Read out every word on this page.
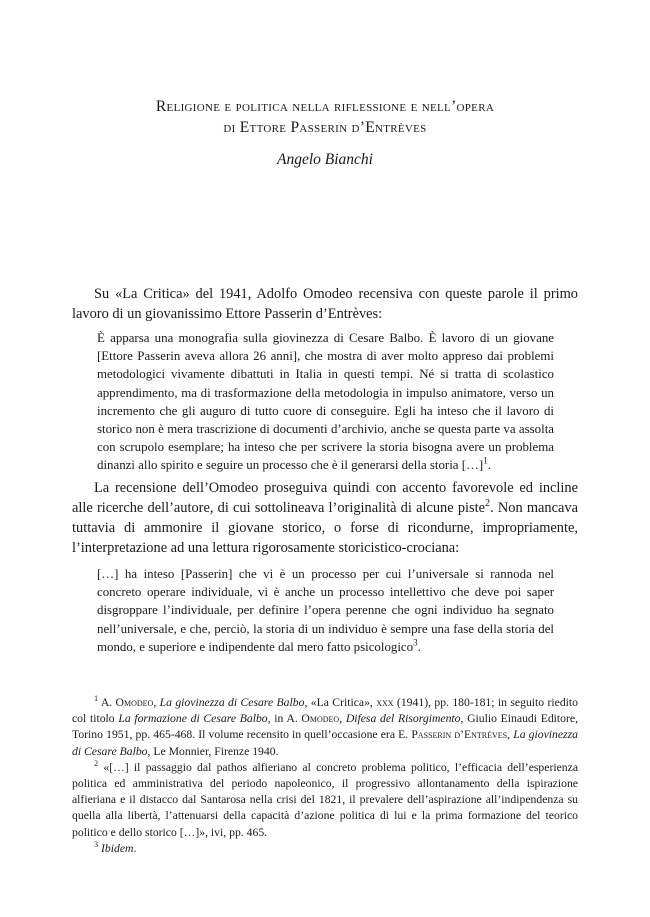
Religione e politica nella riflessione e nell’opera
di Ettore Passerin d’Entrèves
Angelo Bianchi

Su «La Critica» del 1941, Adolfo Omodeo recensiva con queste parole il primo lavoro di un giovanissimo Ettore Passerin d’Entrèves:

È apparsa una monografia sulla giovinezza di Cesare Balbo. È lavoro di un giovane [Ettore Passerin aveva allora 26 anni], che mostra di aver molto appreso dai problemi metodologici vivamente dibattuti in Italia in questi tempi. Né si tratta di scolastico apprendimento, ma di trasformazione della metodologia in impulso animatore, verso un incremento che gli auguro di tutto cuore di conseguire. Egli ha inteso che il lavoro di storico non è mera trascrizione di documenti d’archivio, anche se questa parte va assolta con scrupolo esemplare; ha inteso che per scrivere la storia bisogna avere un problema dinanzi allo spirito e seguire un processo che è il generarsi della storia […]$^1$.

La recensione dell’Omodeo proseguiva quindi con accento favorevole ed incline alle ricerche dell’autore, di cui sottolineava l’originalità di alcune piste$^2$. Non mancava tuttavia di ammonire il giovane storico, o forse di ricondurne, impropriamente, l’interpretazione ad una lettura rigorosamente storicistico-crociana:

[…] ha inteso [Passerin] che vi è un processo per cui l’universale si rannoda nel concreto operare individuale, vi è anche un processo intellettivo che deve poi saper disgroppare l’individuale, per definire l’opera perenne che ogni individuo ha segnato nell’universale, e che, perciò, la storia di un individuo è sempre una fase della storia del mondo, e superiore e indipendente dal mero fatto psicologico$^3$.

$^1$ A. Omodeo, La giovinezza di Cesare Balbo, «La Critica», xxx (1941), pp. 180-181; in seguito riedito col titolo La formazione di Cesare Balbo, in A. Omodeo, Difesa del Risorgimento, Giulio Einaudi Editore, Torino 1951, pp. 465-468. Il volume recensito in quell’occasione era E. Passerin d’Entrèves, La giovinezza di Cesare Balbo, Le Monnier, Firenze 1940.

$^2$ «[…] il passaggio dal pathos alfieriano al concreto problema politico, l’efficacia dell’esperienza politica ed amministrativa del periodo napoleonico, il progressivo allontanamento della ispirazione alfieriana e il distacco dal Santarosa nella crisi del 1821, il prevalere dell’aspirazione all’indipendenza su quella alla libertà, l’attenuarsi della capacità d’azione politica di lui e la prima formazione del teorico politico e dello storico […]», ivi, pp. 465.

$^3$ Ibidem.
